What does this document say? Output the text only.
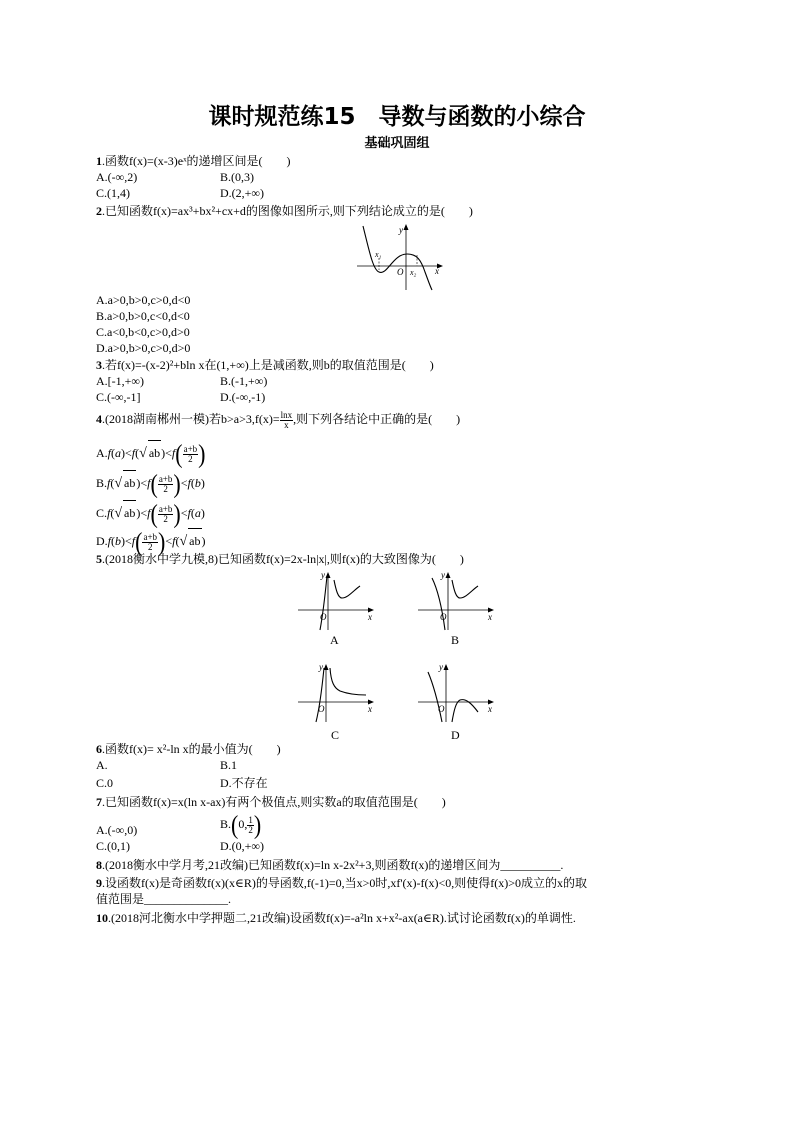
课时规范练15　导数与函数的小综合
基础巩固组
1.函数f(x)=(x-3)eˣ的递增区间是(　　)
A.(-∞,2)	B.(0,3)
C.(1,4)	D.(2,+∞)
2.已知函数f(x)=ax³+bx²+cx+d的图像如图所示,则下列结论成立的是(　　)
y
x
O
x₁
x₂
A.a>0,b>0,c>0,d<0
B.a>0,b>0,c<0,d<0
C.a<0,b<0,c>0,d>0
D.a>0,b>0,c>0,d>0
3.若f(x)=-(x-2)²+bln x在(1,+∞)上是减函数,则b的取值范围是(　　)
A.[-1,+∞)	B.(-1,+∞)
C.(-∞,-1]	D.(-∞,-1)
4.(2018湖南郴州一模)若$b>a>3,f(x)= \frac{\ln x}{x}$ ,则下列各结论中正确的是(　　)
A.f(a)<f(√ $ab)<f( \frac{a+b}{2}$ )
B.f(√ $ab)<f( \frac{a+b}{2} )<f(b)$
C.f(√ $ab)<f( \frac{a+b}{2} )<f(a)$
$D.f(b)<f( \frac{a+b}{2} )<f(√$ ab)
5.(2018衡水中学九模,8)已知函数f(x)=2x-ln|x|,则f(x)的大致图像为(　　)
y
x
O
A
y
x
O
B
y
x
O
C
y
x
O
D
6.函数f(x)= x²-ln x的最小值为(　　)
A.	B.1
C.0	D.不存在
7.已知函数f(x)=x(ln x-ax)有两个极值点,则实数a的取值范围是(　　)
A.(-∞,0)	B.(0, $\frac{1}{2}$ )
C.(0,1)	D.(0,+∞)
8.(2018衡水中学月考,21改编)已知函数f(x)=ln x-2x²+3,则函数f(x)的递增区间为__________.
9.设函数f(x)是奇函数f(x)(x∈R)的导函数,f(-1)=0,当x>0时,xf'(x)-f(x)<0,则使得f(x)>0成立的x的取
值范围是______________.
10.(2018河北衡水中学押题二,21改编)设函数f(x)=-a²ln x+x²-ax(a∈R).试讨论函数f(x)的单调性.
